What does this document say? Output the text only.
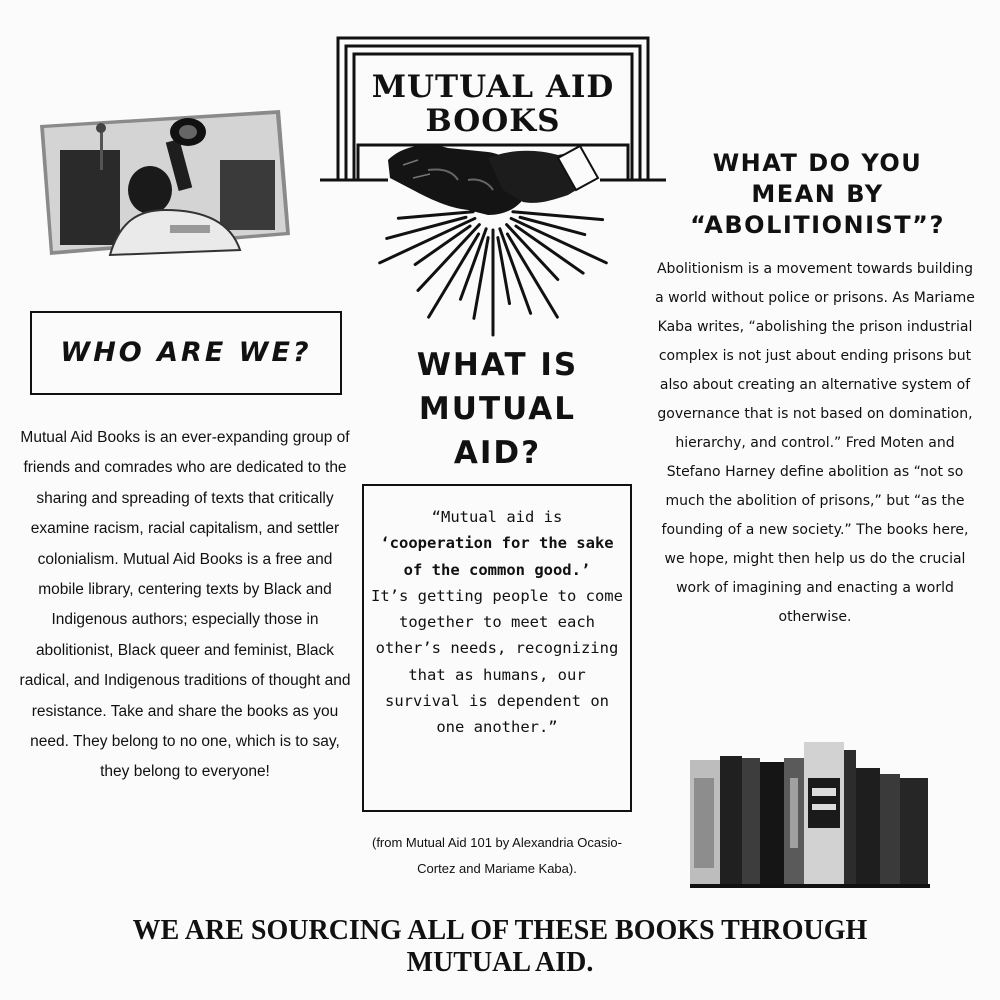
MUTUAL AID
BOOKS
WHO ARE WE?
Mutual Aid Books is an ever-expanding group of friends and comrades who are dedicated to the sharing and spreading of texts that critically examine racism, racial capitalism, and settler colonialism. Mutual Aid Books is a free and mobile library, centering texts by Black and Indigenous authors; especially those in abolitionist, Black queer and feminist, Black radical, and Indigenous traditions of thought and resistance. Take and share the books as you need. They belong to no one, which is to say, they belong to everyone!
WHAT IS
MUTUAL
AID?
“Mutual aid is
‘cooperation for the sake of the common good.’
It’s getting people to come together to meet each other’s needs, recognizing that as humans, our survival is dependent on one another.”
(from Mutual Aid 101 by Alexandria Ocasio-Cortez and Mariame Kaba).
WHAT DO YOU
MEAN BY
“ABOLITIONIST”?
Abolitionism is a movement towards building a world without police or prisons. As Mariame Kaba writes, “abolishing the prison industrial complex is not just about ending prisons but also about creating an alternative system of governance that is not based on domination, hierarchy, and control.” Fred Moten and Stefano Harney define abolition as “not so much the abolition of prisons,” but “as the founding of a new society.” The books here, we hope, might then help us do the crucial work of imagining and enacting a world otherwise.
WE ARE SOURCING ALL OF THESE BOOKS THROUGH
MUTUAL AID.
